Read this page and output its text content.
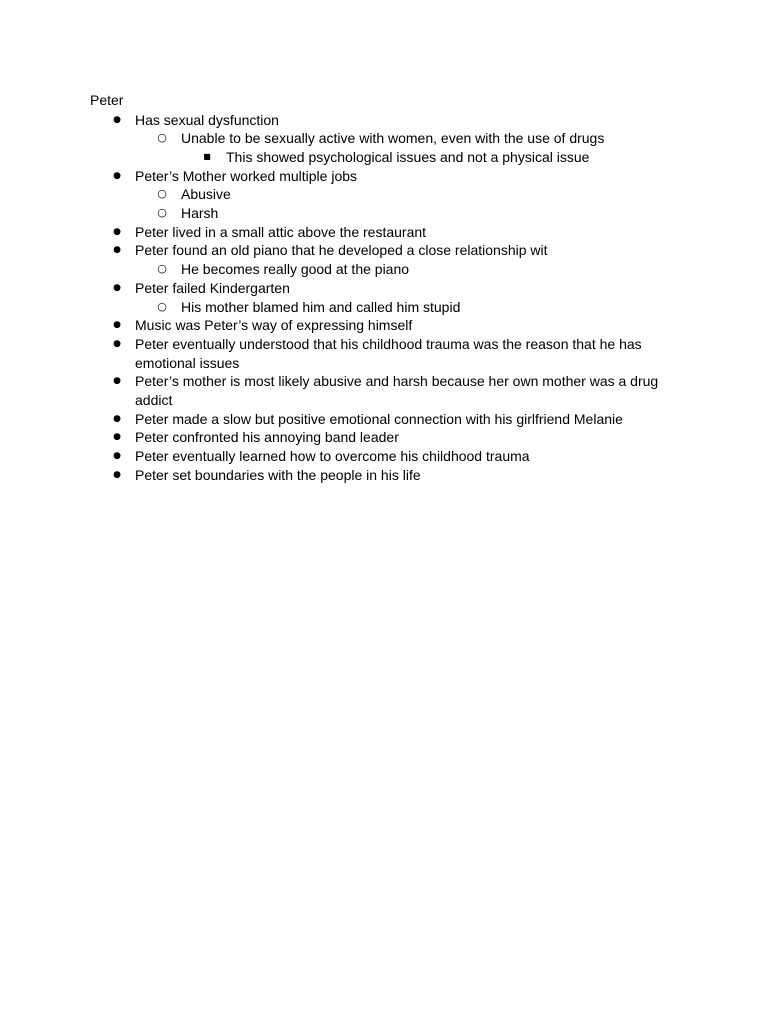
Peter
●	Has sexual dysfunction
○	Unable to be sexually active with women, even with the use of drugs
■	This showed psychological issues and not a physical issue
●	Peter’s Mother worked multiple jobs
○	Abusive
○	Harsh
●	Peter lived in a small attic above the restaurant
●	Peter found an old piano that he developed a close relationship wit
○	He becomes really good at the piano
●	Peter failed Kindergarten
○	His mother blamed him and called him stupid
●	Music was Peter’s way of expressing himself
●	Peter eventually understood that his childhood trauma was the reason that he has emotional issues
●	Peter’s mother is most likely abusive and harsh because her own mother was a drug addict
●	Peter made a slow but positive emotional connection with his girlfriend Melanie
●	Peter confronted his annoying band leader
●	Peter eventually learned how to overcome his childhood trauma
●	Peter set boundaries with the people in his life
